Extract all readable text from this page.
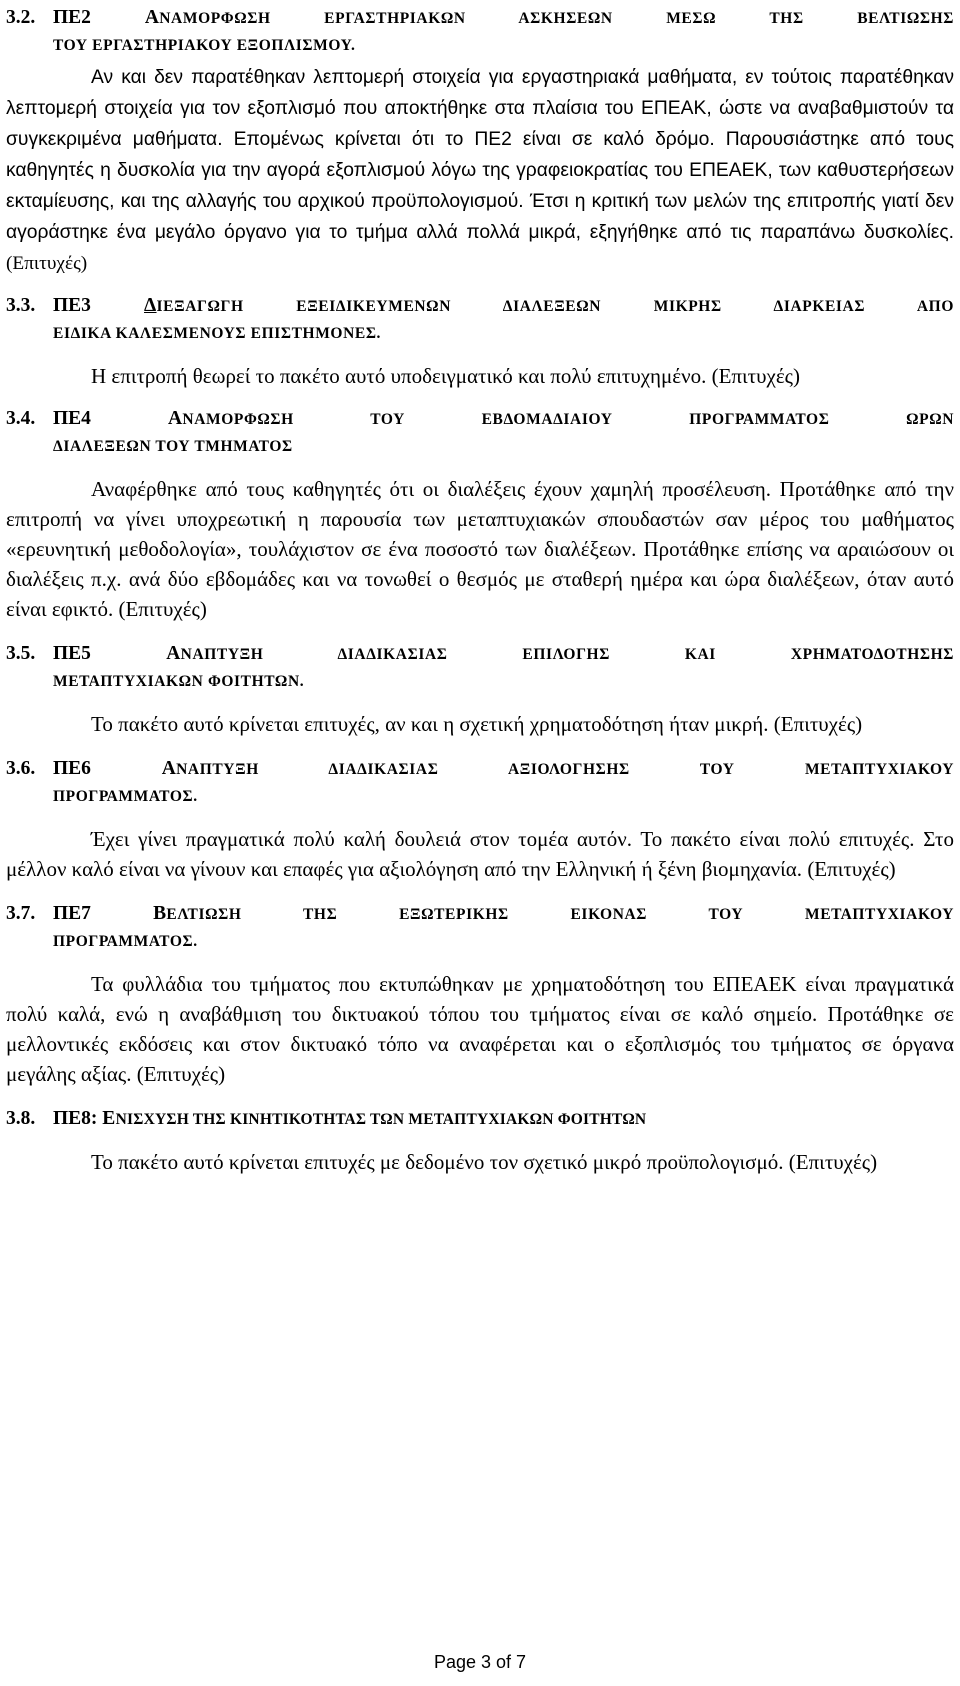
3.2. ΠΕ2	ΑΝΑΜΟΡΦΩΣΗ ΕΡΓΑΣΤΗΡΙΑΚΩΝ ΑΣΚΗΣΕΩΝ ΜΕΣΩ ΤΗΣ ΒΕΛΤΙΩΣΗΣ
ΤΟΥ ΕΡΓΑΣΤΗΡΙΑΚΟΥ ΕΞΟΠΛΙΣΜΟΥ.

Αν και δεν παρατέθηκαν λεπτομερή στοιχεία για εργαστηριακά μαθήματα, εν τούτοις παρατέθηκαν λεπτομερή στοιχεία για τον εξοπλισμό που αποκτήθηκε στα πλαίσια του ΕΠΕΑΚ, ώστε να αναβαθμιστούν τα συγκεκριμένα μαθήματα. Επομένως κρίνεται ότι το ΠΕ2 είναι σε καλό δρόμο. Παρουσιάστηκε από τους καθηγητές η δυσκολία για την αγορά εξοπλισμού λόγω της γραφειοκρατίας του ΕΠΕΑΕΚ, των καθυστερήσεων εκταμίευσης, και της αλλαγής του αρχικού προϋπολογισμού. Έτσι η κριτική των μελών της επιτροπής γιατί δεν αγοράστηκε ένα μεγάλο όργανο για το τμήμα αλλά πολλά μικρά, εξηγήθηκε από τις παραπάνω δυσκολίες. (Επιτυχές)

3.3. ΠΕ3	ΔΙΕΞΑΓΩΓΗ ΕΞΕΙΔΙΚΕΥΜΕΝΩΝ ΔΙΑΛΕΞΕΩΝ ΜΙΚΡΗΣ ΔΙΑΡΚΕΙΑΣ ΑΠΟ
ΕΙΔΙΚΑ ΚΑΛΕΣΜΕΝΟΥΣ ΕΠΙΣΤΗΜΟΝΕΣ.

Η επιτροπή θεωρεί το πακέτο αυτό υποδειγματικό και πολύ επιτυχημένο. (Επιτυχές)

3.4. ΠΕ4	ΑΝΑΜΟΡΦΩΣΗ ΤΟΥ ΕΒΔΟΜΑΔΙΑΙΟΥ ΠΡΟΓΡΑΜΜΑΤΟΣ ΩΡΩΝ
ΔΙΑΛΕΞΕΩΝ ΤΟΥ ΤΜΗΜΑΤΟΣ

Αναφέρθηκε από τους καθηγητές ότι οι διαλέξεις έχουν χαμηλή προσέλευση. Προτάθηκε από την επιτροπή να γίνει υποχρεωτική η παρουσία των μεταπτυχιακών σπουδαστών σαν μέρος του μαθήματος «ερευνητική μεθοδολογία», τουλάχιστον σε ένα ποσοστό των διαλέξεων. Προτάθηκε επίσης να αραιώσουν οι διαλέξεις π.χ. ανά δύο εβδομάδες και να τονωθεί ο θεσμός με σταθερή ημέρα και ώρα διαλέξεων, όταν αυτό είναι εφικτό. (Επιτυχές)

3.5. ΠΕ5	ΑΝΑΠΤΥΞΗ ΔΙΑΔΙΚΑΣΙΑΣ ΕΠΙΛΟΓΗΣ ΚΑΙ ΧΡΗΜΑΤΟΔΟΤΗΣΗΣ
ΜΕΤΑΠΤΥΧΙΑΚΩΝ ΦΟΙΤΗΤΩΝ.

Το πακέτο αυτό κρίνεται επιτυχές, αν και η σχετική χρηματοδότηση ήταν μικρή. (Επιτυχές)

3.6. ΠΕ6	ΑΝΑΠΤΥΞΗ ΔΙΑΔΙΚΑΣΙΑΣ ΑΞΙΟΛΟΓΗΣΗΣ ΤΟΥ ΜΕΤΑΠΤΥΧΙΑΚΟΥ
ΠΡΟΓΡΑΜΜΑΤΟΣ.

Έχει γίνει πραγματικά πολύ καλή δουλειά στον τομέα αυτόν. Το πακέτο είναι πολύ επιτυχές. Στο μέλλον καλό είναι να γίνουν και επαφές για αξιολόγηση από την Ελληνική ή ξένη βιομηχανία. (Επιτυχές)

3.7. ΠΕ7	ΒΕΛΤΙΩΣΗ ΤΗΣ ΕΞΩΤΕΡΙΚΗΣ ΕΙΚΟΝΑΣ ΤΟΥ ΜΕΤΑΠΤΥΧΙΑΚΟΥ
ΠΡΟΓΡΑΜΜΑΤΟΣ.

Τα φυλλάδια του τμήματος που εκτυπώθηκαν με χρηματοδότηση του ΕΠΕΑΕΚ είναι πραγματικά πολύ καλά, ενώ η αναβάθμιση του δικτυακού τόπου του τμήματος είναι σε καλό σημείο. Προτάθηκε σε μελλοντικές εκδόσεις και στον δικτυακό τόπο να αναφέρεται και ο εξοπλισμός του τμήματος σε όργανα μεγάλης αξίας. (Επιτυχές)

3.8. ΠΕ8: ΕΝΙΣΧΥΣΗ ΤΗΣ ΚΙΝΗΤΙΚΟΤΗΤΑΣ ΤΩΝ ΜΕΤΑΠΤΥΧΙΑΚΩΝ ΦΟΙΤΗΤΩΝ

Το πακέτο αυτό κρίνεται επιτυχές με δεδομένο τον σχετικό μικρό προϋπολογισμό. (Επιτυχές)

Page 3 of 7
